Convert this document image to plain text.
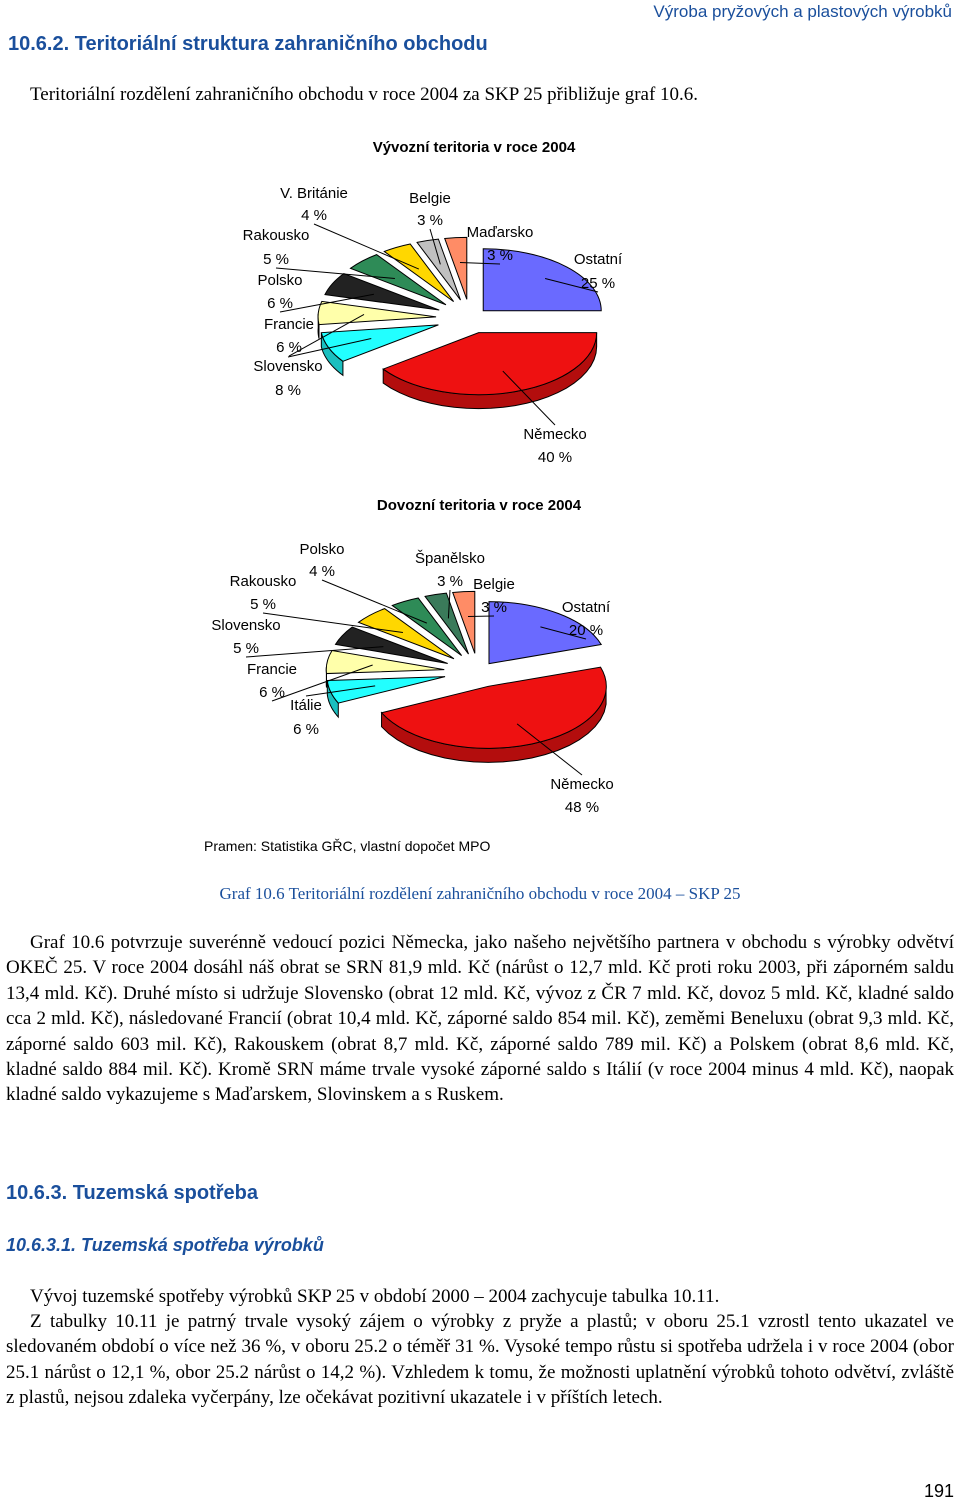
Výroba pryžových a plastových výrobků
10.6.2. Teritoriální struktura zahraničního obchodu
Teritoriální rozdělení zahraničního obchodu v roce 2004 za SKP 25 přibližuje graf 10.6.
Vývozní teritoria v roce 2004
Ostatní
25 %
Německo
40 %
Slovensko
8 %
Francie
6 %
Polsko
6 %
Rakousko
5 %
V. Británie
4 %
Belgie
3 %
Maďarsko
3 %
Dovozní teritoria v roce 2004
Ostatní
20 %
Německo
48 %
Itálie
6 %
Francie
6 %
Slovensko
5 %
Rakousko
5 %
Polsko
4 %
Španělsko
3 % Belgie
3 %
Pramen: Statistika GŘC, vlastní dopočet MPO
Graf 10.6 Teritoriální rozdělení zahraničního obchodu v roce 2004 – SKP 25
Graf 10.6 potvrzuje suverénně vedoucí pozici Německa, jako našeho největšího partnera v obchodu s výrobky odvětví OKEČ 25. V roce 2004 dosáhl náš obrat se SRN 81,9 mld. Kč (nárůst o 12,7 mld. Kč proti roku 2003, při záporném saldu 13,4 mld. Kč). Druhé místo si udržuje Slovensko (obrat 12 mld. Kč, vývoz z ČR 7 mld. Kč, dovoz 5 mld. Kč, kladné saldo cca 2 mld. Kč), následované Francií (obrat 10,4 mld. Kč, záporné saldo 854 mil. Kč), zeměmi Beneluxu (obrat 9,3 mld. Kč, záporné saldo 603 mil. Kč), Rakouskem (obrat 8,7 mld. Kč, záporné saldo 789 mil. Kč) a Polskem (obrat 8,6 mld. Kč, kladné saldo 884 mil. Kč). Kromě SRN máme trvale vysoké záporné saldo s Itálií (v roce 2004 minus 4 mld. Kč), naopak kladné saldo vykazujeme s Maďarskem, Slovinskem a s Ruskem.
10.6.3. Tuzemská spotřeba
10.6.3.1. Tuzemská spotřeba výrobků
Vývoj tuzemské spotřeby výrobků SKP 25 v období 2000 – 2004 zachycuje tabulka 10.11.
Z tabulky 10.11 je patrný trvale vysoký zájem o výrobky z pryže a plastů; v oboru 25.1 vzrostl tento ukazatel ve sledovaném období o více než 36 %, v oboru 25.2 o téměř 31 %. Vysoké tempo růstu si spotřeba udržela i v roce 2004 (obor 25.1 nárůst o 12,1 %, obor 25.2 nárůst o 14,2 %). Vzhledem k tomu, že možnosti uplatnění výrobků tohoto odvětví, zvláště z plastů, nejsou zdaleka vyčerpány, lze očekávat pozitivní ukazatele i v příštích letech.
191
